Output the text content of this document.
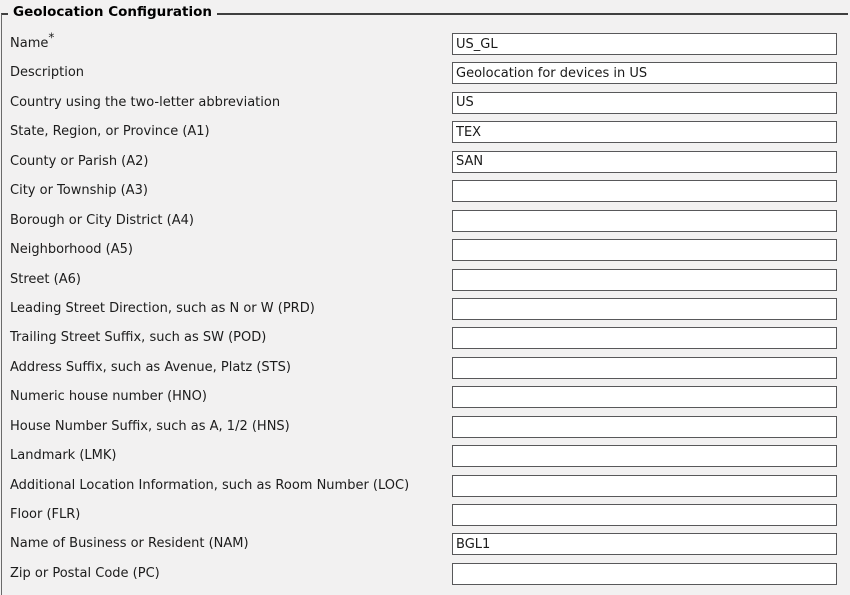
Geolocation Configuration
Name*
US_GL
Description
Geolocation for devices in US
Country using the two-letter abbreviation
US
State, Region, or Province (A1)
TEX
County or Parish (A2)
SAN
City or Township (A3)
Borough or City District (A4)
Neighborhood (A5)
Street (A6)
Leading Street Direction, such as N or W (PRD)
Trailing Street Suffix, such as SW (POD)
Address Suffix, such as Avenue, Platz (STS)
Numeric house number (HNO)
House Number Suffix, such as A, 1/2 (HNS)
Landmark (LMK)
Additional Location Information, such as Room Number (LOC)
Floor (FLR)
Name of Business or Resident (NAM)
BGL1
Zip or Postal Code (PC)
